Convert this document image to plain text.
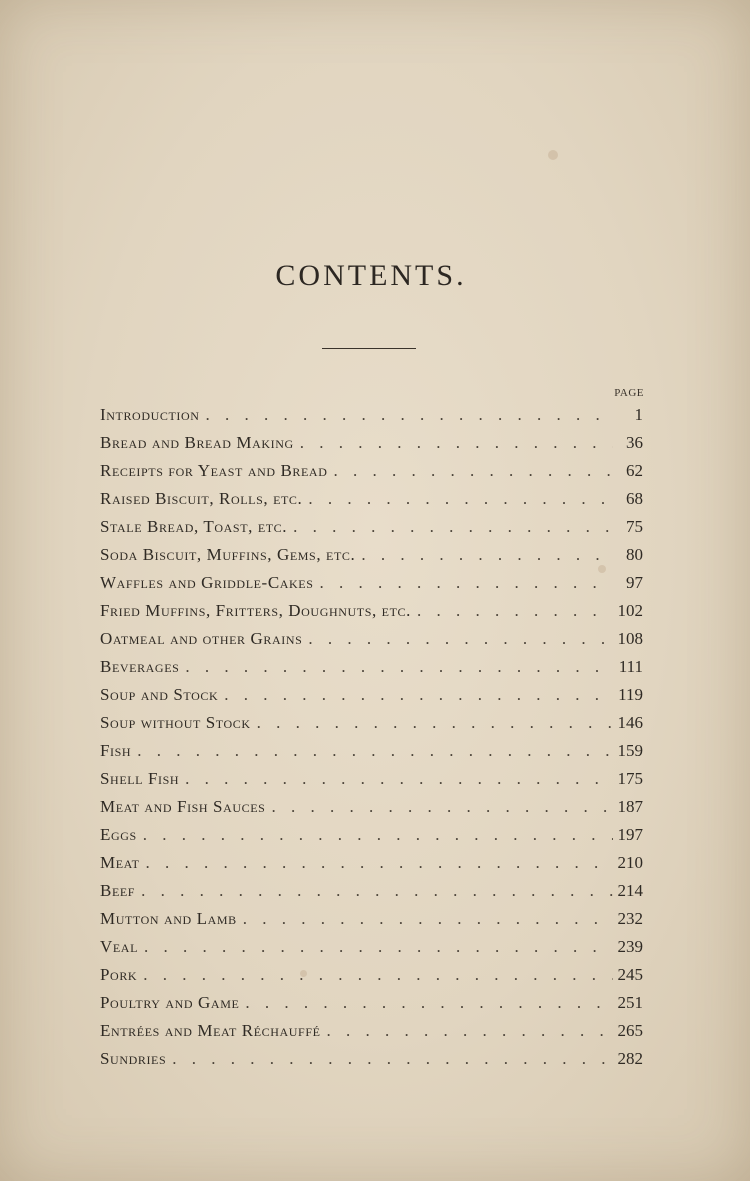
CONTENTS.
PAGE
Introduction . . .	1
Bread and Bread Making . . .	36
Receipts for Yeast and Bread . . .	62
Raised Biscuit, Rolls, etc. . . .	68
Stale Bread, Toast, etc. . . .	75
Soda Biscuit, Muffins, Gems, etc. . . .	80
Waffles and Griddle-Cakes . . .	97
Fried Muffins, Fritters, Doughnuts, etc. . . .	102
Oatmeal and other Grains . . .	108
Beverages . . .	111
Soup and Stock . . .	119
Soup without Stock . . .	146
Fish . . .	159
Shell Fish . . .	175
Meat and Fish Sauces . . .	187
Eggs . . .	197
Meat . . .	210
Beef . . .	214
Mutton and Lamb . . .	232
Veal . . .	239
Pork . . .	245
Poultry and Game . . .	251
Entrées and Meat Réchauffé . . .	265
Sundries . . .	282
